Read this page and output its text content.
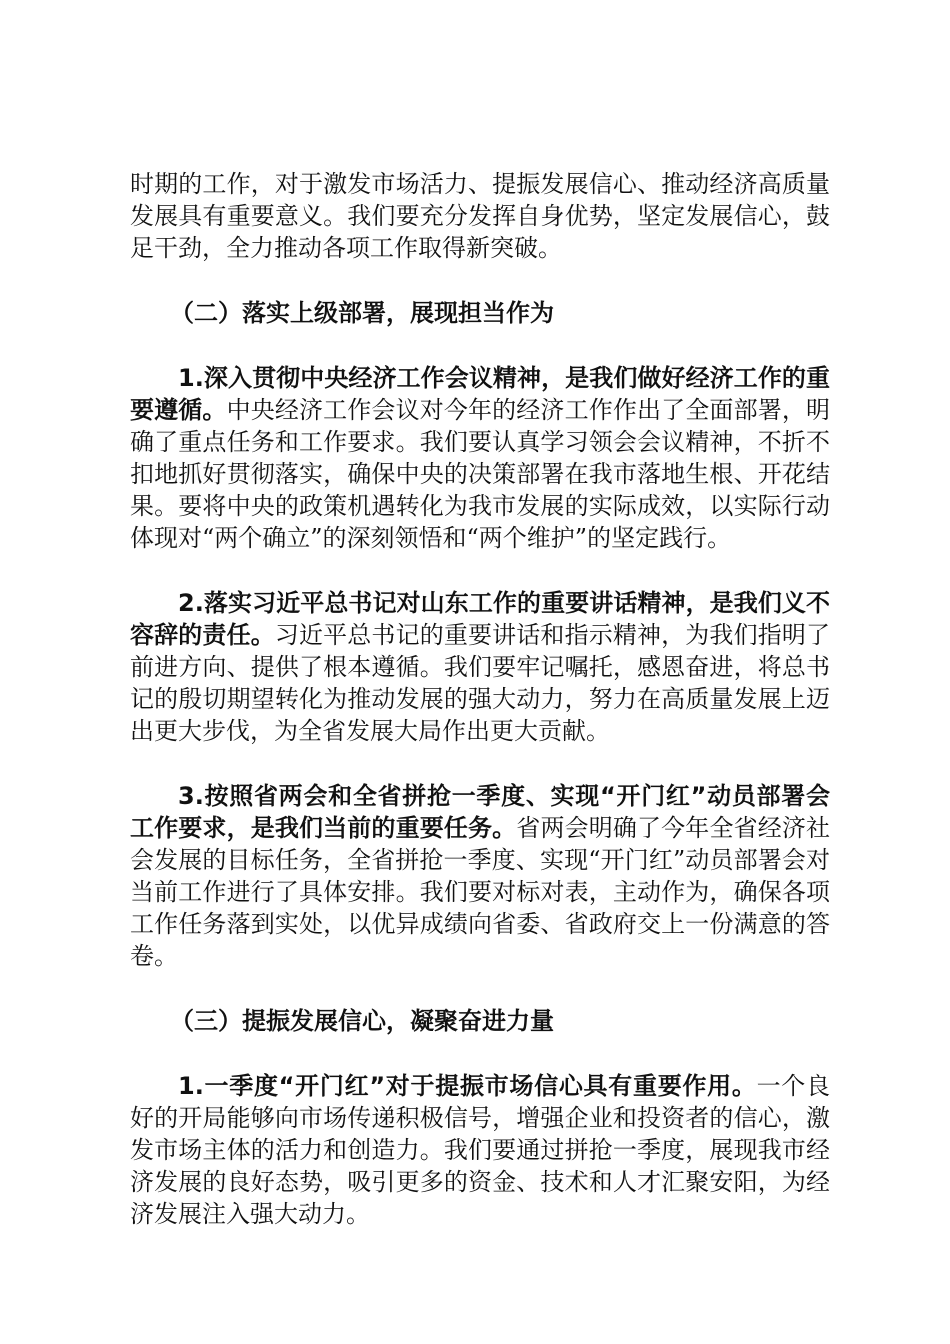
时期的工作，对于激发市场活力、提振发展信心、推动经济高质量发展具有重要意义。我们要充分发挥自身优势，坚定发展信心，鼓足干劲，全力推动各项工作取得新突破。

（二）落实上级部署，展现担当作为

1.深入贯彻中央经济工作会议精神，是我们做好经济工作的重要遵循。中央经济工作会议对今年的经济工作作出了全面部署，明确了重点任务和工作要求。我们要认真学习领会会议精神，不折不扣地抓好贯彻落实，确保中央的决策部署在我市落地生根、开花结果。要将中央的政策机遇转化为我市发展的实际成效，以实际行动体现对“两个确立”的深刻领悟和“两个维护”的坚定践行。

2.落实习近平总书记对山东工作的重要讲话精神，是我们义不容辞的责任。习近平总书记的重要讲话和指示精神，为我们指明了前进方向、提供了根本遵循。我们要牢记嘱托，感恩奋进，将总书记的殷切期望转化为推动发展的强大动力，努力在高质量发展上迈出更大步伐，为全省发展大局作出更大贡献。

3.按照省两会和全省拼抢一季度、实现“开门红”动员部署会工作要求，是我们当前的重要任务。省两会明确了今年全省经济社会发展的目标任务，全省拼抢一季度、实现“开门红”动员部署会对当前工作进行了具体安排。我们要对标对表，主动作为，确保各项工作任务落到实处，以优异成绩向省委、省政府交上一份满意的答卷。

（三）提振发展信心，凝聚奋进力量

1.一季度“开门红”对于提振市场信心具有重要作用。一个良好的开局能够向市场传递积极信号，增强企业和投资者的信心，激发市场主体的活力和创造力。我们要通过拼抢一季度，展现我市经济发展的良好态势，吸引更多的资金、技术和人才汇聚安阳，为经济发展注入强大动力。
